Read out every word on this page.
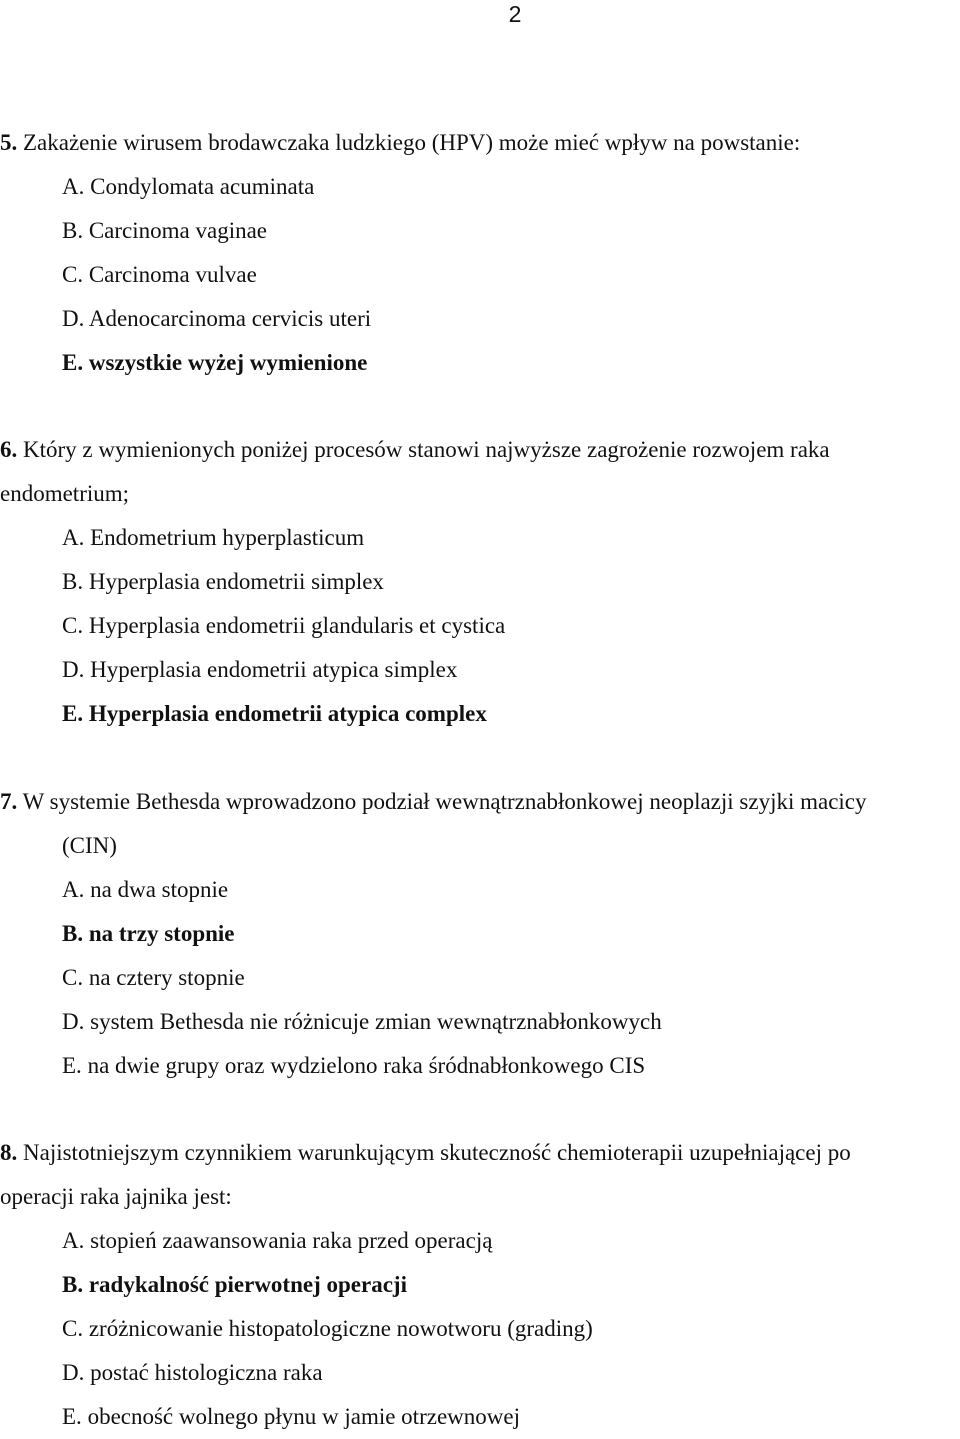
2

5. Zakażenie wirusem brodawczaka ludzkiego (HPV) może mieć wpływ na powstanie:

A. Condylomata acuminata
B. Carcinoma vaginae
C. Carcinoma vulvae
D. Adenocarcinoma cervicis uteri
E. wszystkie wyżej wymienione

6. Który z wymienionych poniżej procesów stanowi najwyższe zagrożenie rozwojem raka
endometrium;

A. Endometrium hyperplasticum
B. Hyperplasia endometrii simplex
C. Hyperplasia endometrii glandularis et cystica
D. Hyperplasia endometrii atypica simplex
E. Hyperplasia endometrii atypica complex

7. W systemie Bethesda wprowadzono podział wewnątrznabłonkowej neoplazji szyjki macicy
(CIN)

A. na dwa stopnie
B. na trzy stopnie
C. na cztery stopnie
D. system Bethesda nie różnicuje zmian wewnątrznabłonkowych
E. na dwie grupy oraz wydzielono raka śródnabłonkowego CIS

8. Najistotniejszym czynnikiem warunkującym skuteczność chemioterapii uzupełniającej po
operacji raka jajnika jest:

A. stopień zaawansowania raka przed operacją
B. radykalność pierwotnej operacji
C. zróżnicowanie histopatologiczne nowotworu (grading)
D. postać histologiczna raka
E. obecność wolnego płynu w jamie otrzewnowej
